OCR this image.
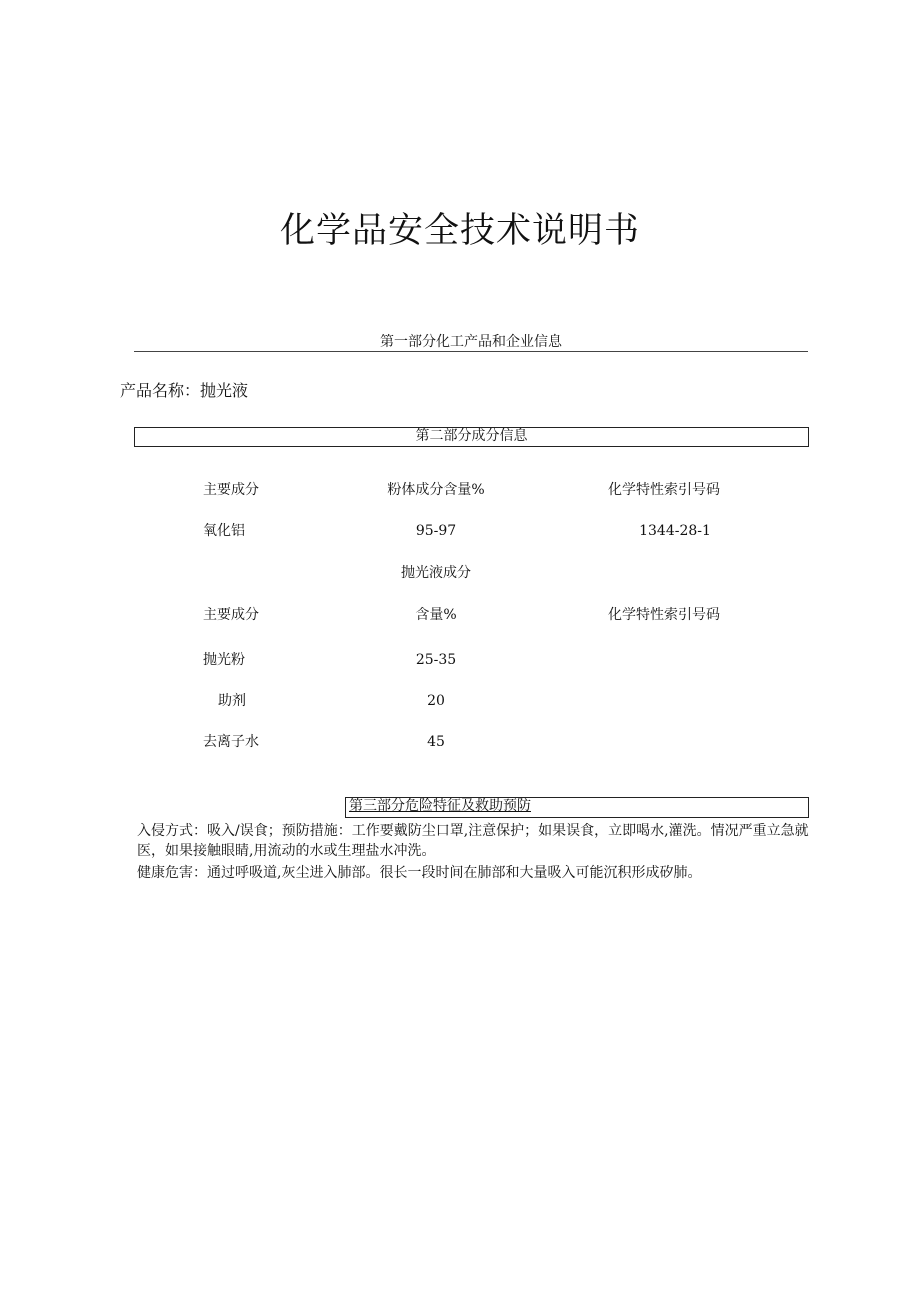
化学品安全技术说明书
第一部分化工产品和企业信息
产品名称：抛光液
第二部分成分信息
主要成分	粉体成分含量%	化学特性索引号码
氧化铝	95-97	1344-28-1
抛光液成分
主要成分	含量%	化学特性索引号码
抛光粉	25-35
助剂	20
去离子水	45
第三部分危险特征及救助预防

入侵方式：吸入/误食；预防措施：工作要戴防尘口罩,注意保护；如果误食，立即喝水,灌洗。情况严重立急就医，如果接触眼睛,用流动的水或生理盐水冲洗。

健康危害：通过呼吸道,灰尘进入肺部。很长一段时间在肺部和大量吸入可能沉积形成矽肺。
